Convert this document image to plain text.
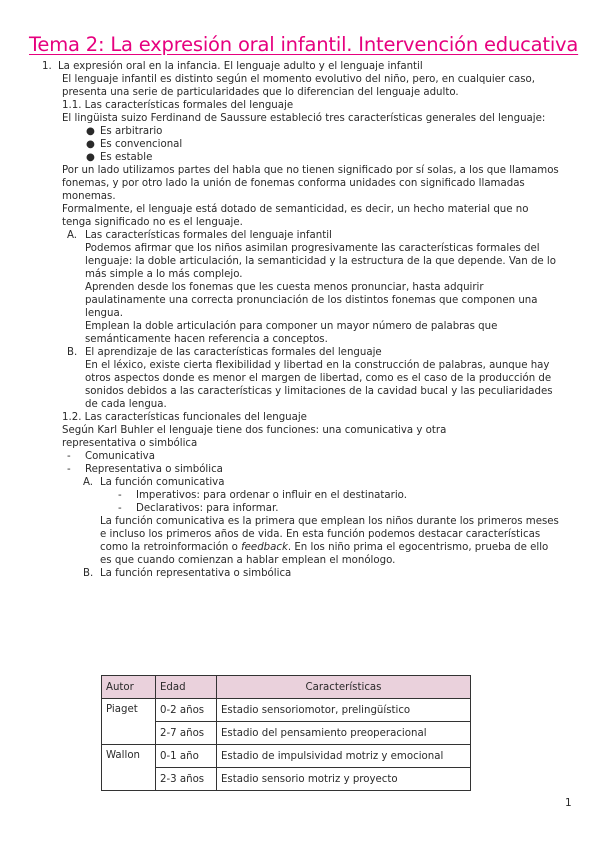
Tema 2: La expresión oral infantil. Intervención educativa

1. La expresión oral en la infancia. El lenguaje adulto y el lenguaje infantil

El lenguaje infantil es distinto según el momento evolutivo del niño, pero, en cualquier caso, presenta una serie de particularidades que lo diferencian del lenguaje adulto.

1.1. Las características formales del lenguaje

El lingüista suizo Ferdinand de Saussure estableció tres características generales del lenguaje:

● Es arbitrario

● Es convencional

● Es estable

Por un lado utilizamos partes del habla que no tienen significado por sí solas, a los que llamamos fonemas, y por otro lado la unión de fonemas conforma unidades con significado llamadas monemas.

Formalmente, el lenguaje está dotado de semanticidad, es decir, un hecho material que no tenga significado no es el lenguaje.

A. Las características formales del lenguaje infantil

Podemos afirmar que los niños asimilan progresivamente las características formales del lenguaje: la doble articulación, la semanticidad y la estructura de la que depende. Van de lo más simple a lo más complejo.

Aprenden desde los fonemas que les cuesta menos pronunciar, hasta adquirir paulatinamente una correcta pronunciación de los distintos fonemas que componen una lengua.

Emplean la doble articulación para componer un mayor número de palabras que semánticamente hacen referencia a conceptos.

B. El aprendizaje de las características formales del lenguaje

En el léxico, existe cierta flexibilidad y libertad en la construcción de palabras, aunque hay otros aspectos donde es menor el margen de libertad, como es el caso de la producción de sonidos debidos a las características y limitaciones de la cavidad bucal y las peculiaridades de cada lengua.

1.2. Las características funcionales del lenguaje

Según Karl Buhler el lenguaje tiene dos funciones: una comunicativa y otra representativa o simbólica

- Comunicativa

- Representativa o simbólica

A. La función comunicativa

- Imperativos: para ordenar o influir en el destinatario.

- Declarativos: para informar.

La función comunicativa es la primera que emplean los niños durante los primeros meses e incluso los primeros años de vida. En esta función podemos destacar características como la retroinformación o feedback. En los niño prima el egocentrismo, prueba de ello es que cuando comienzan a hablar emplean el monólogo.

B. La función representativa o simbólica

Autor	Edad	Características
Piaget	0-2 años	Estadio sensoriomotor, prelingüístico
	2-7 años	Estadio del pensamiento preoperacional
Wallon	0-1 año	Estadio de impulsividad motriz y emocional
	2-3 años	Estadio sensorio motriz y proyecto
1
